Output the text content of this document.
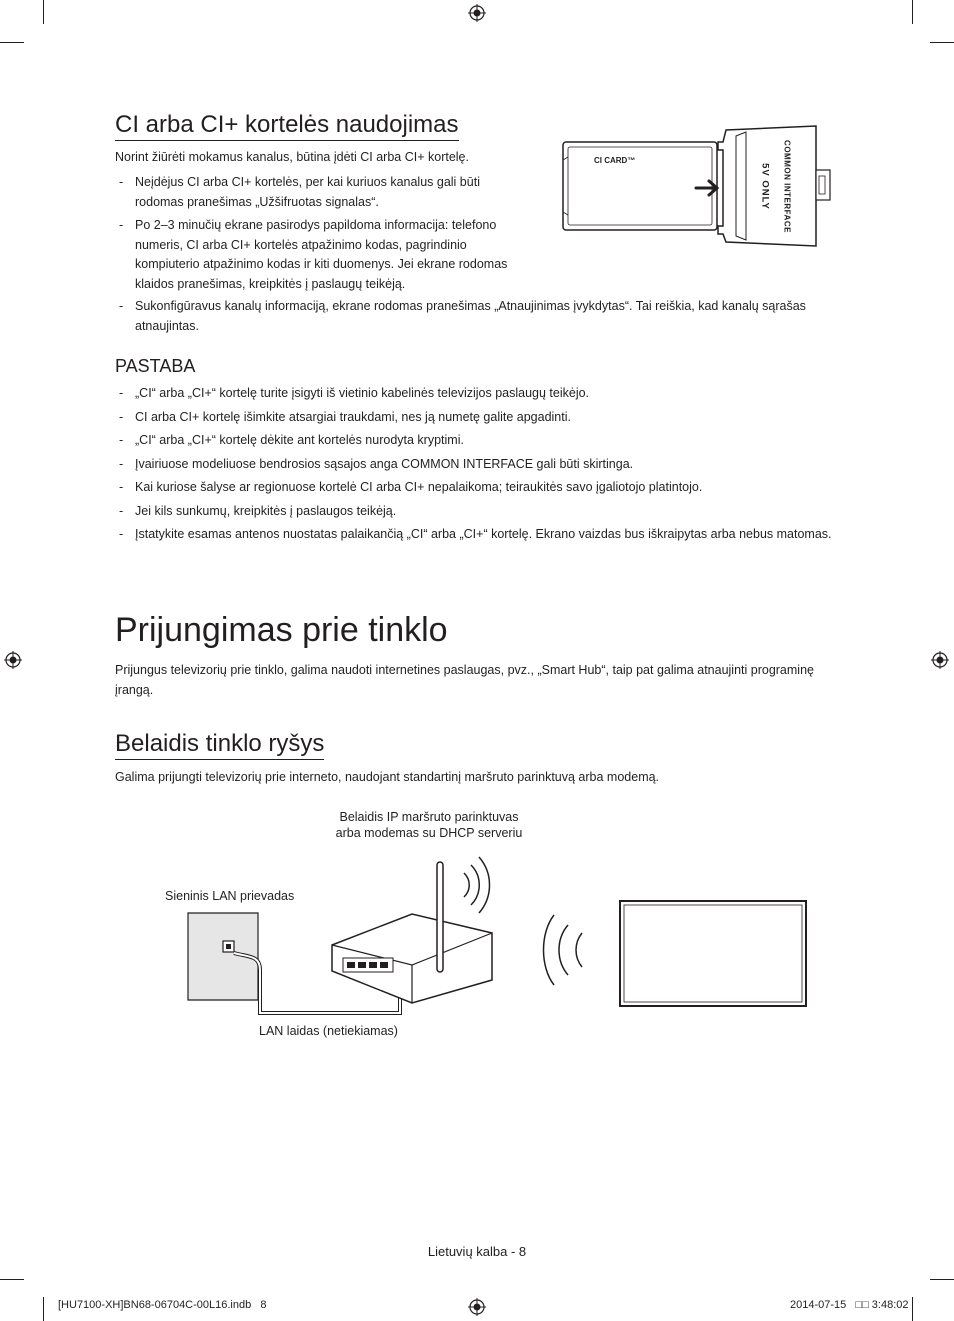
CI arba CI+ kortelės naudojimas

Norint žiūrėti mokamus kanalus, būtina įdėti CI arba CI+ kortelę.

- Neįdėjus CI arba CI+ kortelės, per kai kuriuos kanalus gali būti rodomas pranešimas „Užšifruotas signalas“.
- Po 2–3 minučių ekrane pasirodys papildoma informacija: telefono numeris, CI arba CI+ kortelės atpažinimo kodas, pagrindinio kompiuterio atpažinimo kodas ir kiti duomenys. Jei ekrane rodomas klaidos pranešimas, kreipkitės į paslaugų teikėją.
- Sukonfigūravus kanalų informaciją, ekrane rodomas pranešimas „Atnaujinimas įvykdytas“. Tai reiškia, kad kanalų sąrašas atnaujintas.
CI CARD™	COMMON INTERFACE
5V ONLY
PASTABA
- „CI“ arba „CI+“ kortelę turite įsigyti iš vietinio kabelinės televizijos paslaugų teikėjo.
- CI arba CI+ kortelę išimkite atsargiai traukdami, nes ją numetę galite apgadinti.
- „CI“ arba „CI+“ kortelę dėkite ant kortelės nurodyta kryptimi.
- Įvairiuose modeliuose bendrosios sąsajos anga COMMON INTERFACE gali būti skirtinga.
- Kai kuriose šalyse ar regionuose kortelė CI arba CI+ nepalaikoma; teiraukitės savo įgaliotojo platintojo.
- Jei kils sunkumų, kreipkitės į paslaugos teikėją.
- Įstatykite esamas antenos nuostatas palaikančią „CI“ arba „CI+“ kortelę. Ekrano vaizdas bus iškraipytas arba nebus matomas.
Prijungimas prie tinklo

Prijungus televizorių prie tinklo, galima naudoti internetines paslaugas, pvz., „Smart Hub“, taip pat galima atnaujinti programinę įrangą.

Belaidis tinklo ryšys

Galima prijungti televizorių prie interneto, naudojant standartinį maršruto parinktuvą arba modemą.

Belaidis IP maršruto parinktuvas
arba modemas su DHCP serveriu
Sieninis LAN prievadas
LAN laidas (netiekiamas)
Lietuvių kalba - 8
[HU7100-XH]BN68-06704C-00L16.indb   8	2014-07-15   □□ 3:48:02
